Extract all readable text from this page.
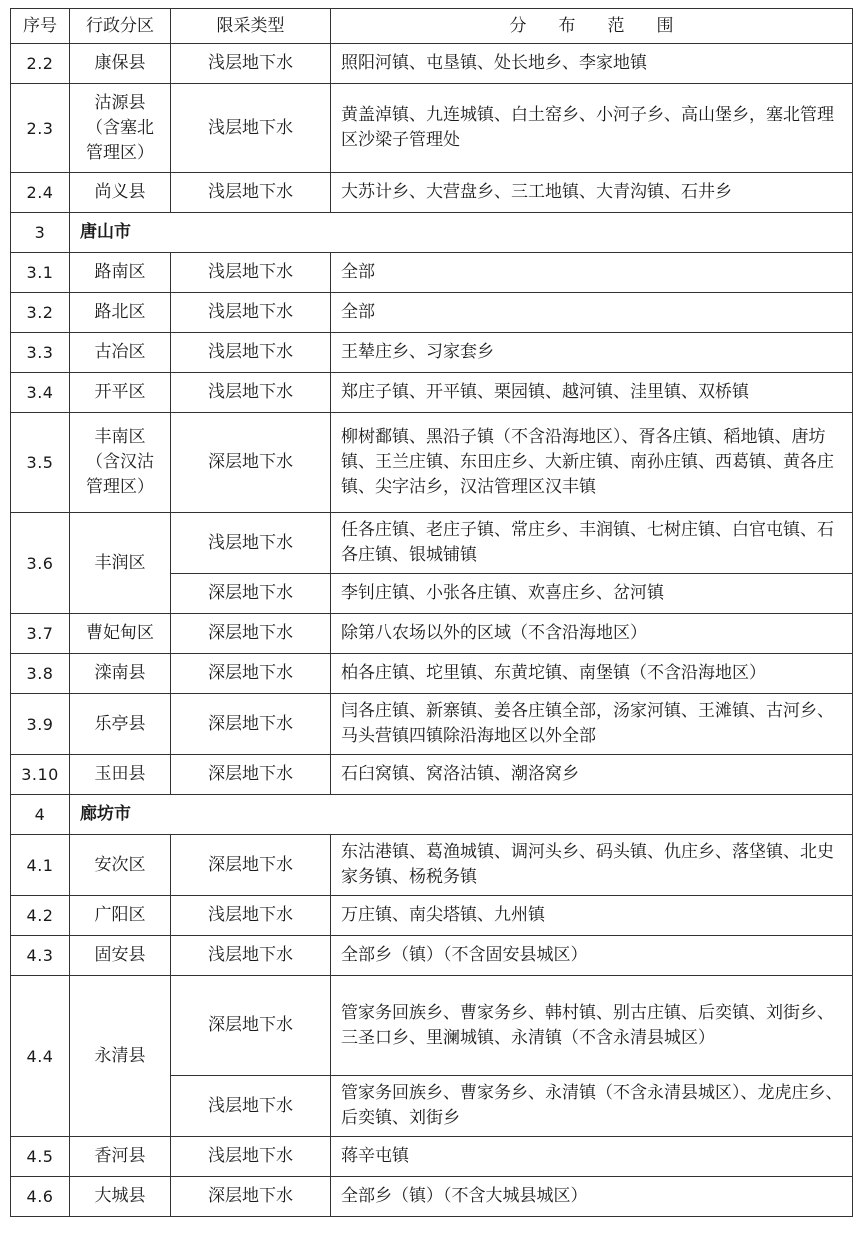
序号	行政分区	限采类型	分布范围
2.2	康保县	浅层地下水	照阳河镇、屯垦镇、处长地乡、李家地镇
2.3	沽源县（含塞北管理区）	浅层地下水	黄盖淖镇、九连城镇、白土窑乡、小河子乡、高山堡乡，塞北管理区沙梁子管理处
2.4	尚义县	浅层地下水	大苏计乡、大营盘乡、三工地镇、大青沟镇、石井乡
3	唐山市		
3.1	路南区	浅层地下水	全部
3.2	路北区	浅层地下水	全部
3.3	古冶区	浅层地下水	王辇庄乡、习家套乡
3.4	开平区	浅层地下水	郑庄子镇、开平镇、栗园镇、越河镇、洼里镇、双桥镇
3.5	丰南区（含汉沽管理区）	深层地下水	柳树鄱镇、黑沿子镇（不含沿海地区）、胥各庄镇、稻地镇、唐坊镇、王兰庄镇、东田庄乡、大新庄镇、南孙庄镇、西葛镇、黄各庄镇、尖字沽乡，汉沽管理区汉丰镇
3.6	丰润区	浅层地下水	任各庄镇、老庄子镇、常庄乡、丰润镇、七树庄镇、白官屯镇、石各庄镇、银城铺镇
		深层地下水	李钊庄镇、小张各庄镇、欢喜庄乡、岔河镇
3.7	曹妃甸区	深层地下水	除第八农场以外的区域（不含沿海地区）
3.8	滦南县	深层地下水	柏各庄镇、坨里镇、东黄坨镇、南堡镇（不含沿海地区）
3.9	乐亭县	深层地下水	闫各庄镇、新寨镇、姜各庄镇全部，汤家河镇、王滩镇、古河乡、马头营镇四镇除沿海地区以外全部
3.10	玉田县	深层地下水	石臼窝镇、窝洛沽镇、潮洛窝乡
4	廊坊市		
4.1	安次区	深层地下水	东沽港镇、葛渔城镇、调河头乡、码头镇、仇庄乡、落垡镇、北史家务镇、杨税务镇
4.2	广阳区	浅层地下水	万庄镇、南尖塔镇、九州镇
4.3	固安县	浅层地下水	全部乡（镇）（不含固安县城区）
4.4	永清县	深层地下水	管家务回族乡、曹家务乡、韩村镇、别古庄镇、后奕镇、刘街乡、三圣口乡、里澜城镇、永清镇（不含永清县城区）
		浅层地下水	管家务回族乡、曹家务乡、永清镇（不含永清县城区）、龙虎庄乡、后奕镇、刘街乡
4.5	香河县	浅层地下水	蒋辛屯镇
4.6	大城县	深层地下水	全部乡（镇）（不含大城县城区）
